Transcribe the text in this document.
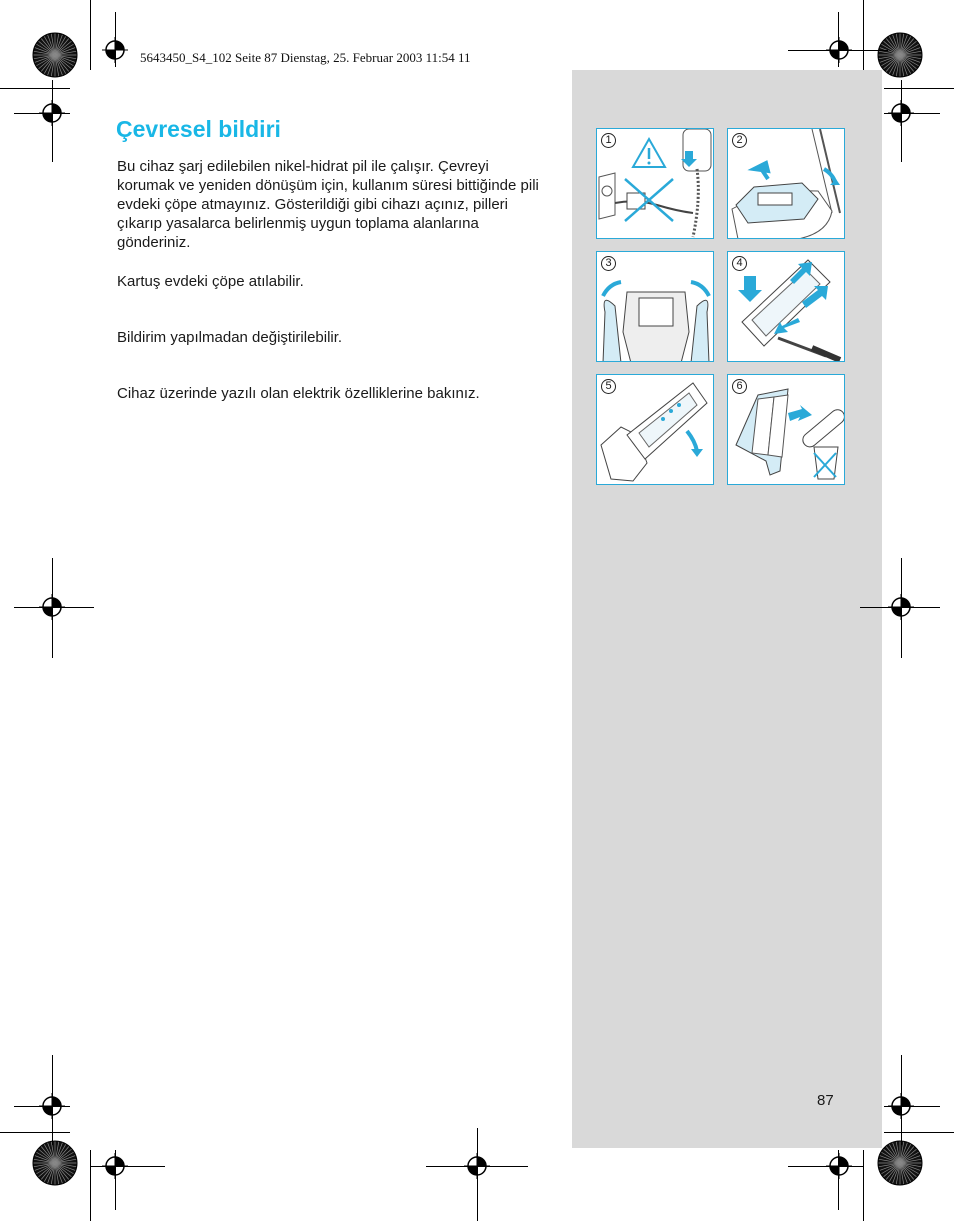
5643450_S4_102 Seite 87 Dienstag, 25. Februar 2003 11:54 11
Çevresel bildiri

Bu cihaz şarj edilebilen nikel-hidrat pil ile çalışır. Çevreyi korumak ve yeniden dönüşüm için, kullanım süresi bittiğinde pili evdeki çöpe atmayınız. Gösterildiği gibi cihazı açınız, pilleri çıkarıp yasalarca belirlenmiş uygun toplama alanlarına gönderiniz.

Kartuş evdeki çöpe atılabilir.

Bildirim yapılmadan değiştirilebilir.

Cihaz üzerinde yazılı olan elektrik özelliklerine bakınız.

1	2
3	4
5	6
87
